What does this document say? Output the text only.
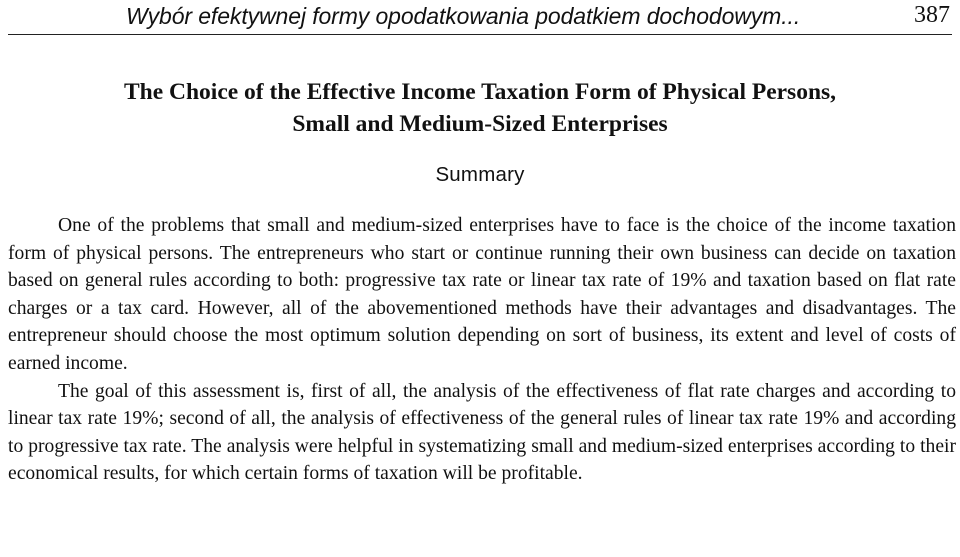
Wybór efektywnej formy opodatkowania podatkiem dochodowym...	387
The Choice of the Effective Income Taxation Form of Physical Persons,
Small and Medium-Sized Enterprises
Summary

One of the problems that small and medium-sized enterprises have to face is the choice of the income taxation form of physical persons. The entrepreneurs who start or continue running their own business can decide on taxation based on general rules according to both: progressive tax rate or linear tax rate of 19% and taxation based on flat rate charges or a tax card. However, all of the abovementioned methods have their advantages and disadvantages. The entrepreneur should choose the most optimum solution depending on sort of business, its extent and level of costs of earned income.

The goal of this assessment is, first of all, the analysis of the effectiveness of flat rate charges and according to linear tax rate 19%; second of all, the analysis of effectiveness of the general rules of linear tax rate 19% and according to progressive tax rate. The analysis were helpful in systematizing small and medium-sized enterprises according to their economical results, for which certain forms of taxation will be profitable.
